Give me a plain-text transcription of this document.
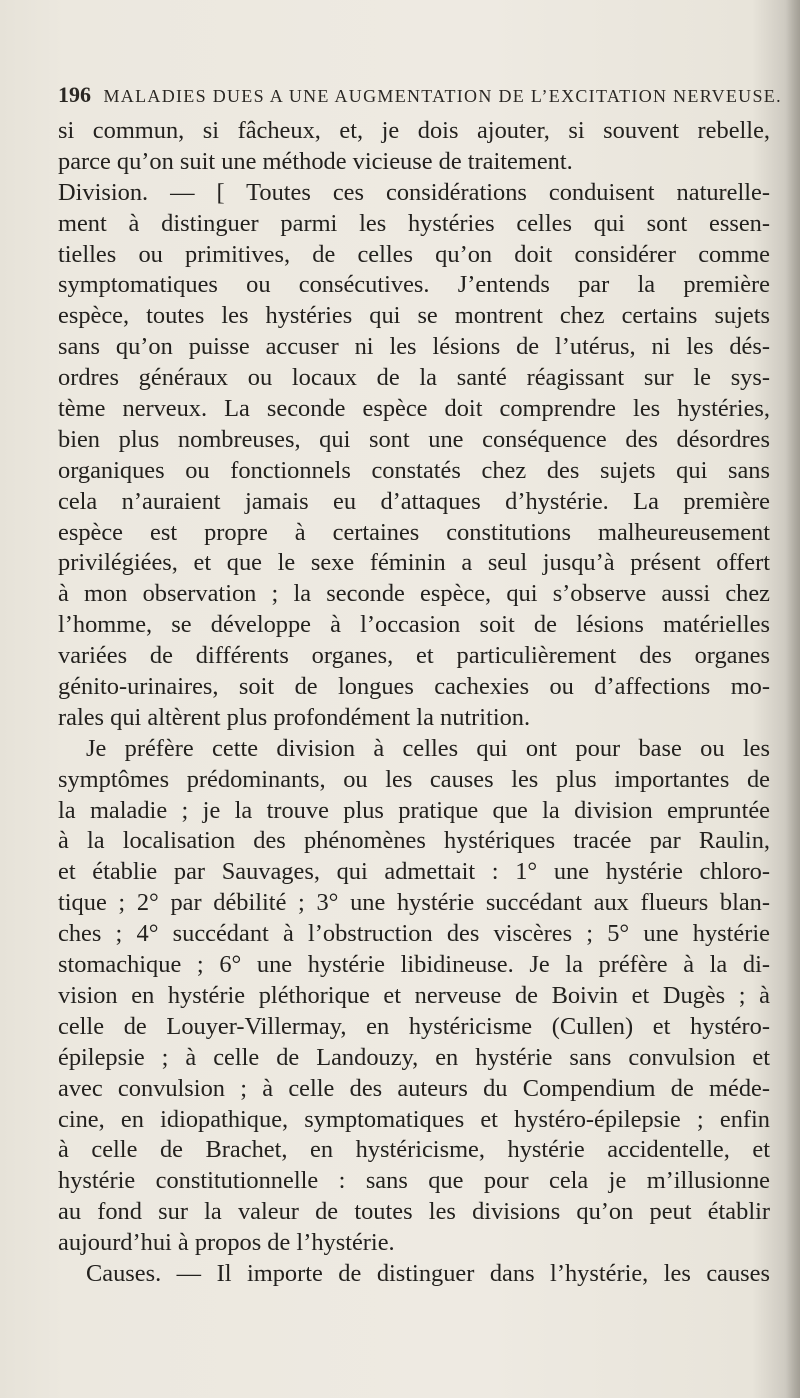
196 MALADIES DUES A UNE AUGMENTATION DE L’EXCITATION NERVEUSE.
si commun, si fâcheux, et, je dois ajouter, si souvent rebelle,
parce qu’on suit une méthode vicieuse de traitement.
Division. — [ Toutes ces considérations conduisent naturelle-
ment à distinguer parmi les hystéries celles qui sont essen-
tielles ou primitives, de celles qu’on doit considérer comme
symptomatiques ou consécutives. J’entends par la première
espèce, toutes les hystéries qui se montrent chez certains sujets
sans qu’on puisse accuser ni les lésions de l’utérus, ni les dés-
ordres généraux ou locaux de la santé réagissant sur le sys-
tème nerveux. La seconde espèce doit comprendre les hystéries,
bien plus nombreuses, qui sont une conséquence des désordres
organiques ou fonctionnels constatés chez des sujets qui sans
cela n’auraient jamais eu d’attaques d’hystérie. La première
espèce est propre à certaines constitutions malheureusement
privilégiées, et que le sexe féminin a seul jusqu’à présent offert
à mon observation ; la seconde espèce, qui s’observe aussi chez
l’homme, se développe à l’occasion soit de lésions matérielles
variées de différents organes, et particulièrement des organes
génito-urinaires, soit de longues cachexies ou d’affections mo-
rales qui altèrent plus profondément la nutrition.
Je préfère cette division à celles qui ont pour base ou les
symptômes prédominants, ou les causes les plus importantes de
la maladie ; je la trouve plus pratique que la division empruntée
à la localisation des phénomènes hystériques tracée par Raulin,
et établie par Sauvages, qui admettait : 1° une hystérie chloro-
tique ; 2° par débilité ; 3° une hystérie succédant aux flueurs blan-
ches ; 4° succédant à l’obstruction des viscères ; 5° une hystérie
stomachique ; 6° une hystérie libidineuse. Je la préfère à la di-
vision en hystérie pléthorique et nerveuse de Boivin et Dugès ; à
celle de Louyer-Villermay, en hystéricisme (Cullen) et hystéro-
épilepsie ; à celle de Landouzy, en hystérie sans convulsion et
avec convulsion ; à celle des auteurs du Compendium de méde-
cine, en idiopathique, symptomatiques et hystéro-épilepsie ; enfin
à celle de Brachet, en hystéricisme, hystérie accidentelle, et
hystérie constitutionnelle : sans que pour cela je m’illusionne
au fond sur la valeur de toutes les divisions qu’on peut établir
aujourd’hui à propos de l’hystérie.
Causes. — Il importe de distinguer dans l’hystérie, les causes
